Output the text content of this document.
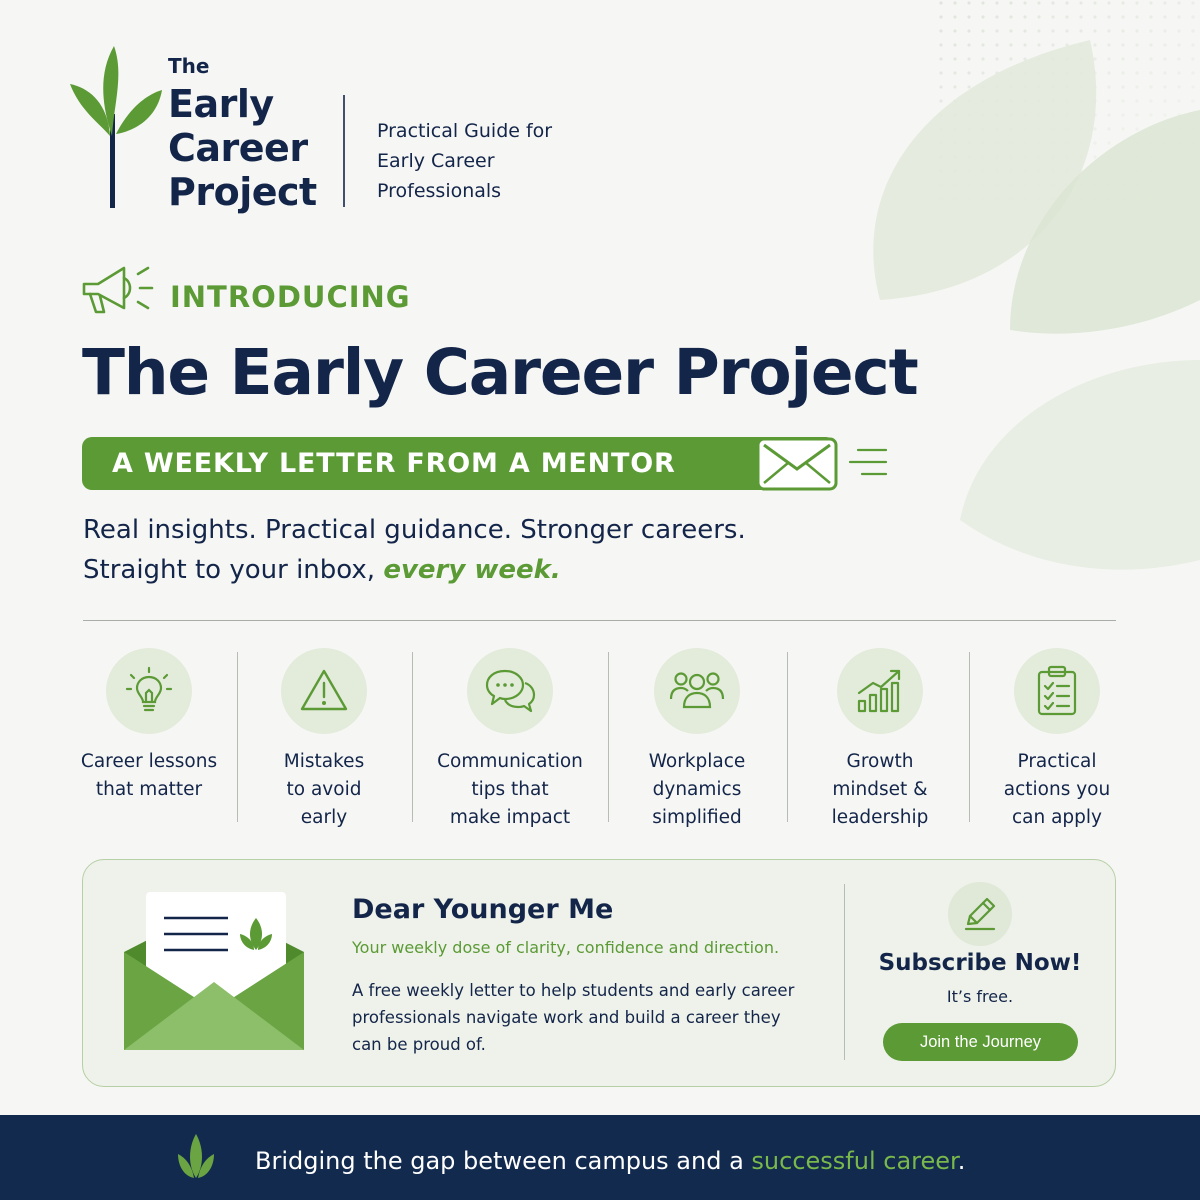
The
Early
Career
Project
Practical Guide for Early Career Professionals
INTRODUCING
The Early Career Project
A WEEKLY LETTER FROM A MENTOR
Real insights. Practical guidance. Stronger careers.
Straight to your inbox, every week.
Career lessons
that matter
Mistakes
to avoid
early
Communication
tips that
make impact
Workplace
dynamics
simplified
Growth
mindset &
leadership
Practical
actions you
can apply
Dear Younger Me
Your weekly dose of clarity, confidence and direction.
A free weekly letter to help students and early career professionals navigate work and build a career they can be proud of.
Subscribe Now!
It’s free.
Join the Journey
Bridging the gap between campus and a successful career.
